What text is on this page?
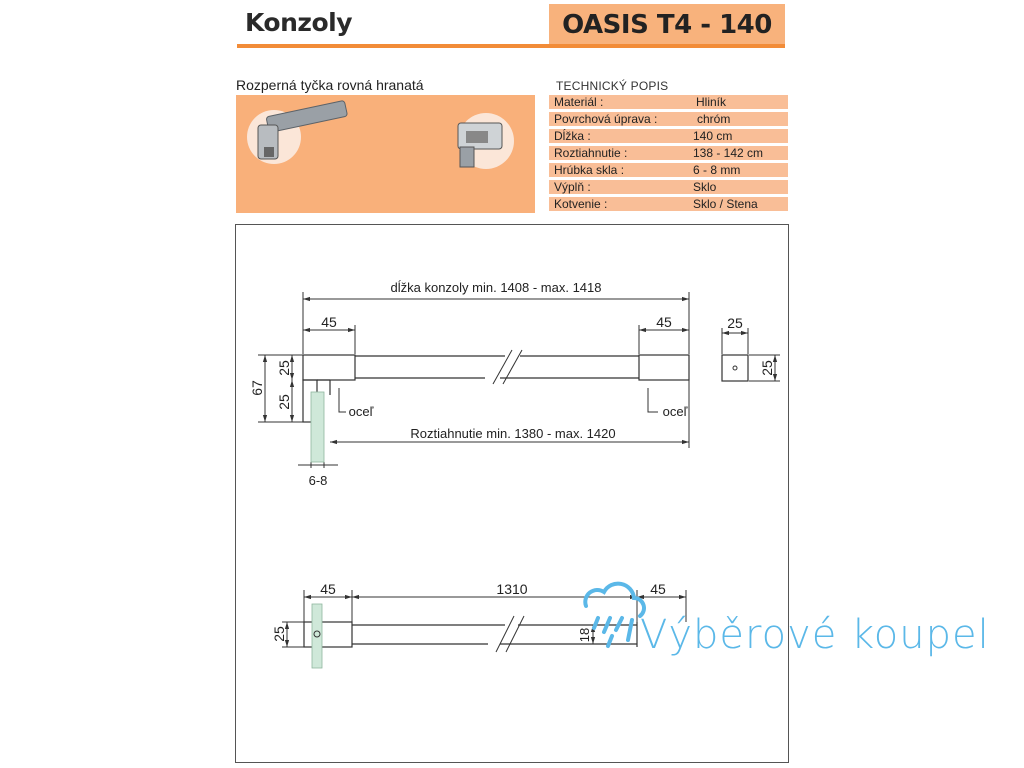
Konzoly	OASIS T4 - 140
Rozperná tyčka rovná hranatá	TECHNICKÝ POPIS
Materiál :	Hliník
Povrchová úprava :	chróm
Dĺžka :	140 cm
Roztiahnutie :	138 - 142 cm
Hrúbka skla :	6 - 8 mm
Výplň :	Sklo
Kotvenie :	Sklo / Stena
dĺžka konzoly min. 1408 - max. 1418
45	45	25
Roztiahnutie min. 1380 - max. 1420
oceľ	oceľ
6-8
67
25
25
25
45	1310	45
25	18 Výběrové koupel
